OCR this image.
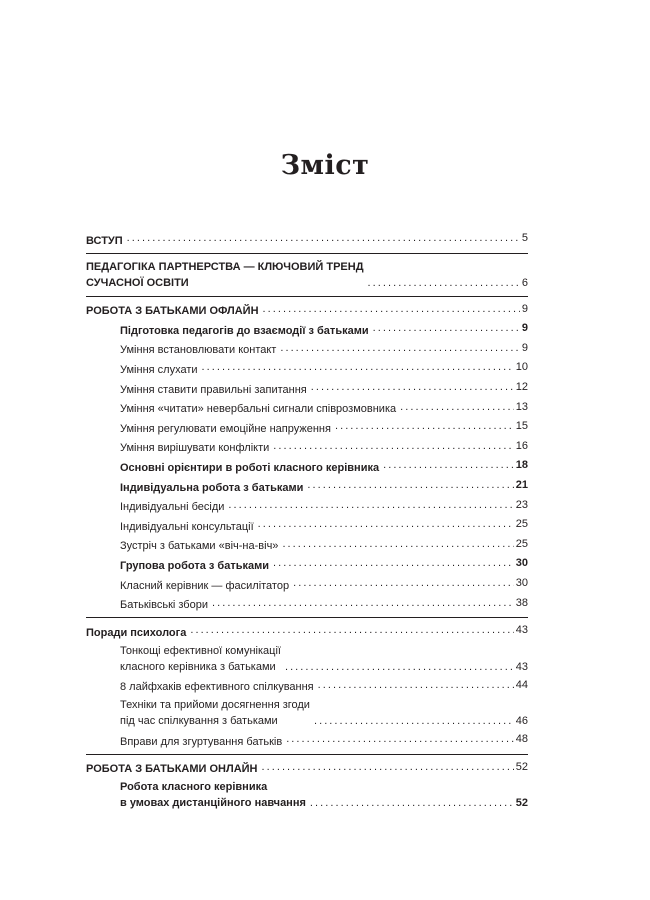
Зміст
ВСТУП . . .	5
ПЕДАГОГІКА ПАРТНЕРСТВА — КЛЮЧОВИЙ ТРЕНД
СУЧАСНОЇ ОСВІТИ . . .	6
РОБОТА З БАТЬКАМИ ОФЛАЙН . . .	9
Підготовка педагогів до взаємодії з батьками . . .	9
Уміння встановлювати контакт . . .	9
Уміння слухати . . .	10
Уміння ставити правильні запитання . . .	12
Уміння «читати» невербальні сигнали співрозмовника . . .	13
Уміння регулювати емоційне напруження . . .	15
Уміння вирішувати конфлікти . . .	16
Основні орієнтири в роботі класного керівника . . .	18
Індивідуальна робота з батьками . . .	21
Індивідуальні бесіди . . .	23
Індивідуальні консультації . . .	25
Зустріч з батьками «віч-на-віч» . . .	25
Групова робота з батьками . . .	30
Класний керівник — фасилітатор . . .	30
Батьківські збори . . .	38
Поради психолога . . .	43
Тонкощі ефективної комунікації
класного керівника з батьками . . .	43
8 лайфхаків ефективного спілкування . . .	44
Техніки та прийоми досягнення згоди
під час спілкування з батьками . . .	46
Вправи для згуртування батьків . . .	48
РОБОТА З БАТЬКАМИ ОНЛАЙН . . .	52
Робота класного керівника
в умовах дистанційного навчання . . .	52
